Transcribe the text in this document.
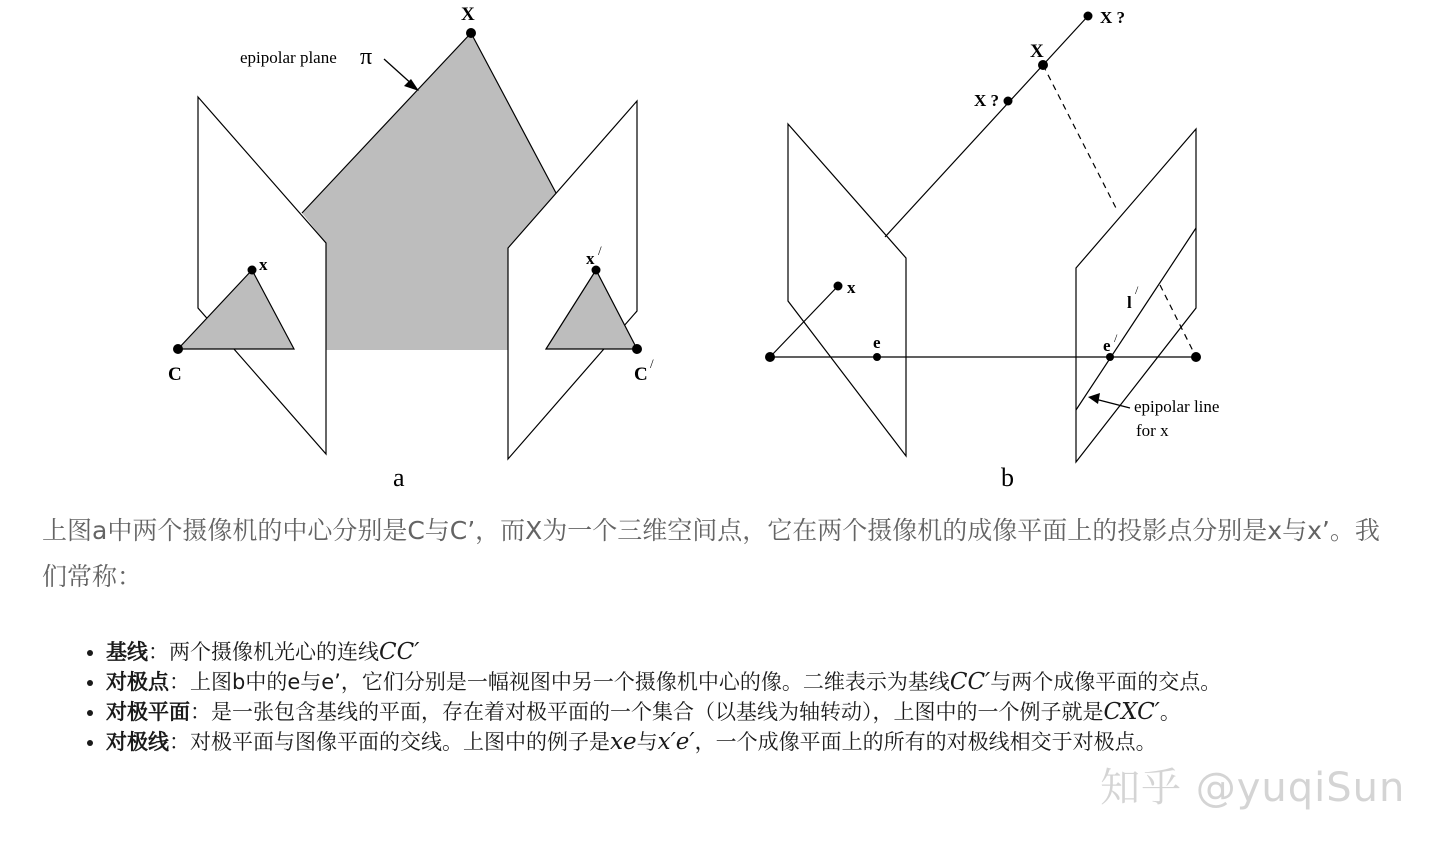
X
epipolar plane π
x	x /
C	C
/
a
X ?
X
X ?
x
e	e /
l
/
epipolar line
for x
b

上图a中两个摄像机的中心分别是C与C’，而X为一个三维空间点，它在两个摄像机的成像平面上的投影点分别是x与x’。我们常称：

• 基线：两个摄像机光心的连线CC′
• 对极点：上图b中的e与e’，它们分别是一幅视图中另一个摄像机中心的像。二维表示为基线CC′与两个成像平面的交点。
• 对极平面：是一张包含基线的平面，存在着对极平面的一个集合（以基线为轴转动），上图中的一个例子就是CXC′。
• 对极线：对极平面与图像平面的交线。上图中的例子是xe与x′e′，一个成像平面上的所有的对极线相交于对极点。
知乎 @yuqiSun
